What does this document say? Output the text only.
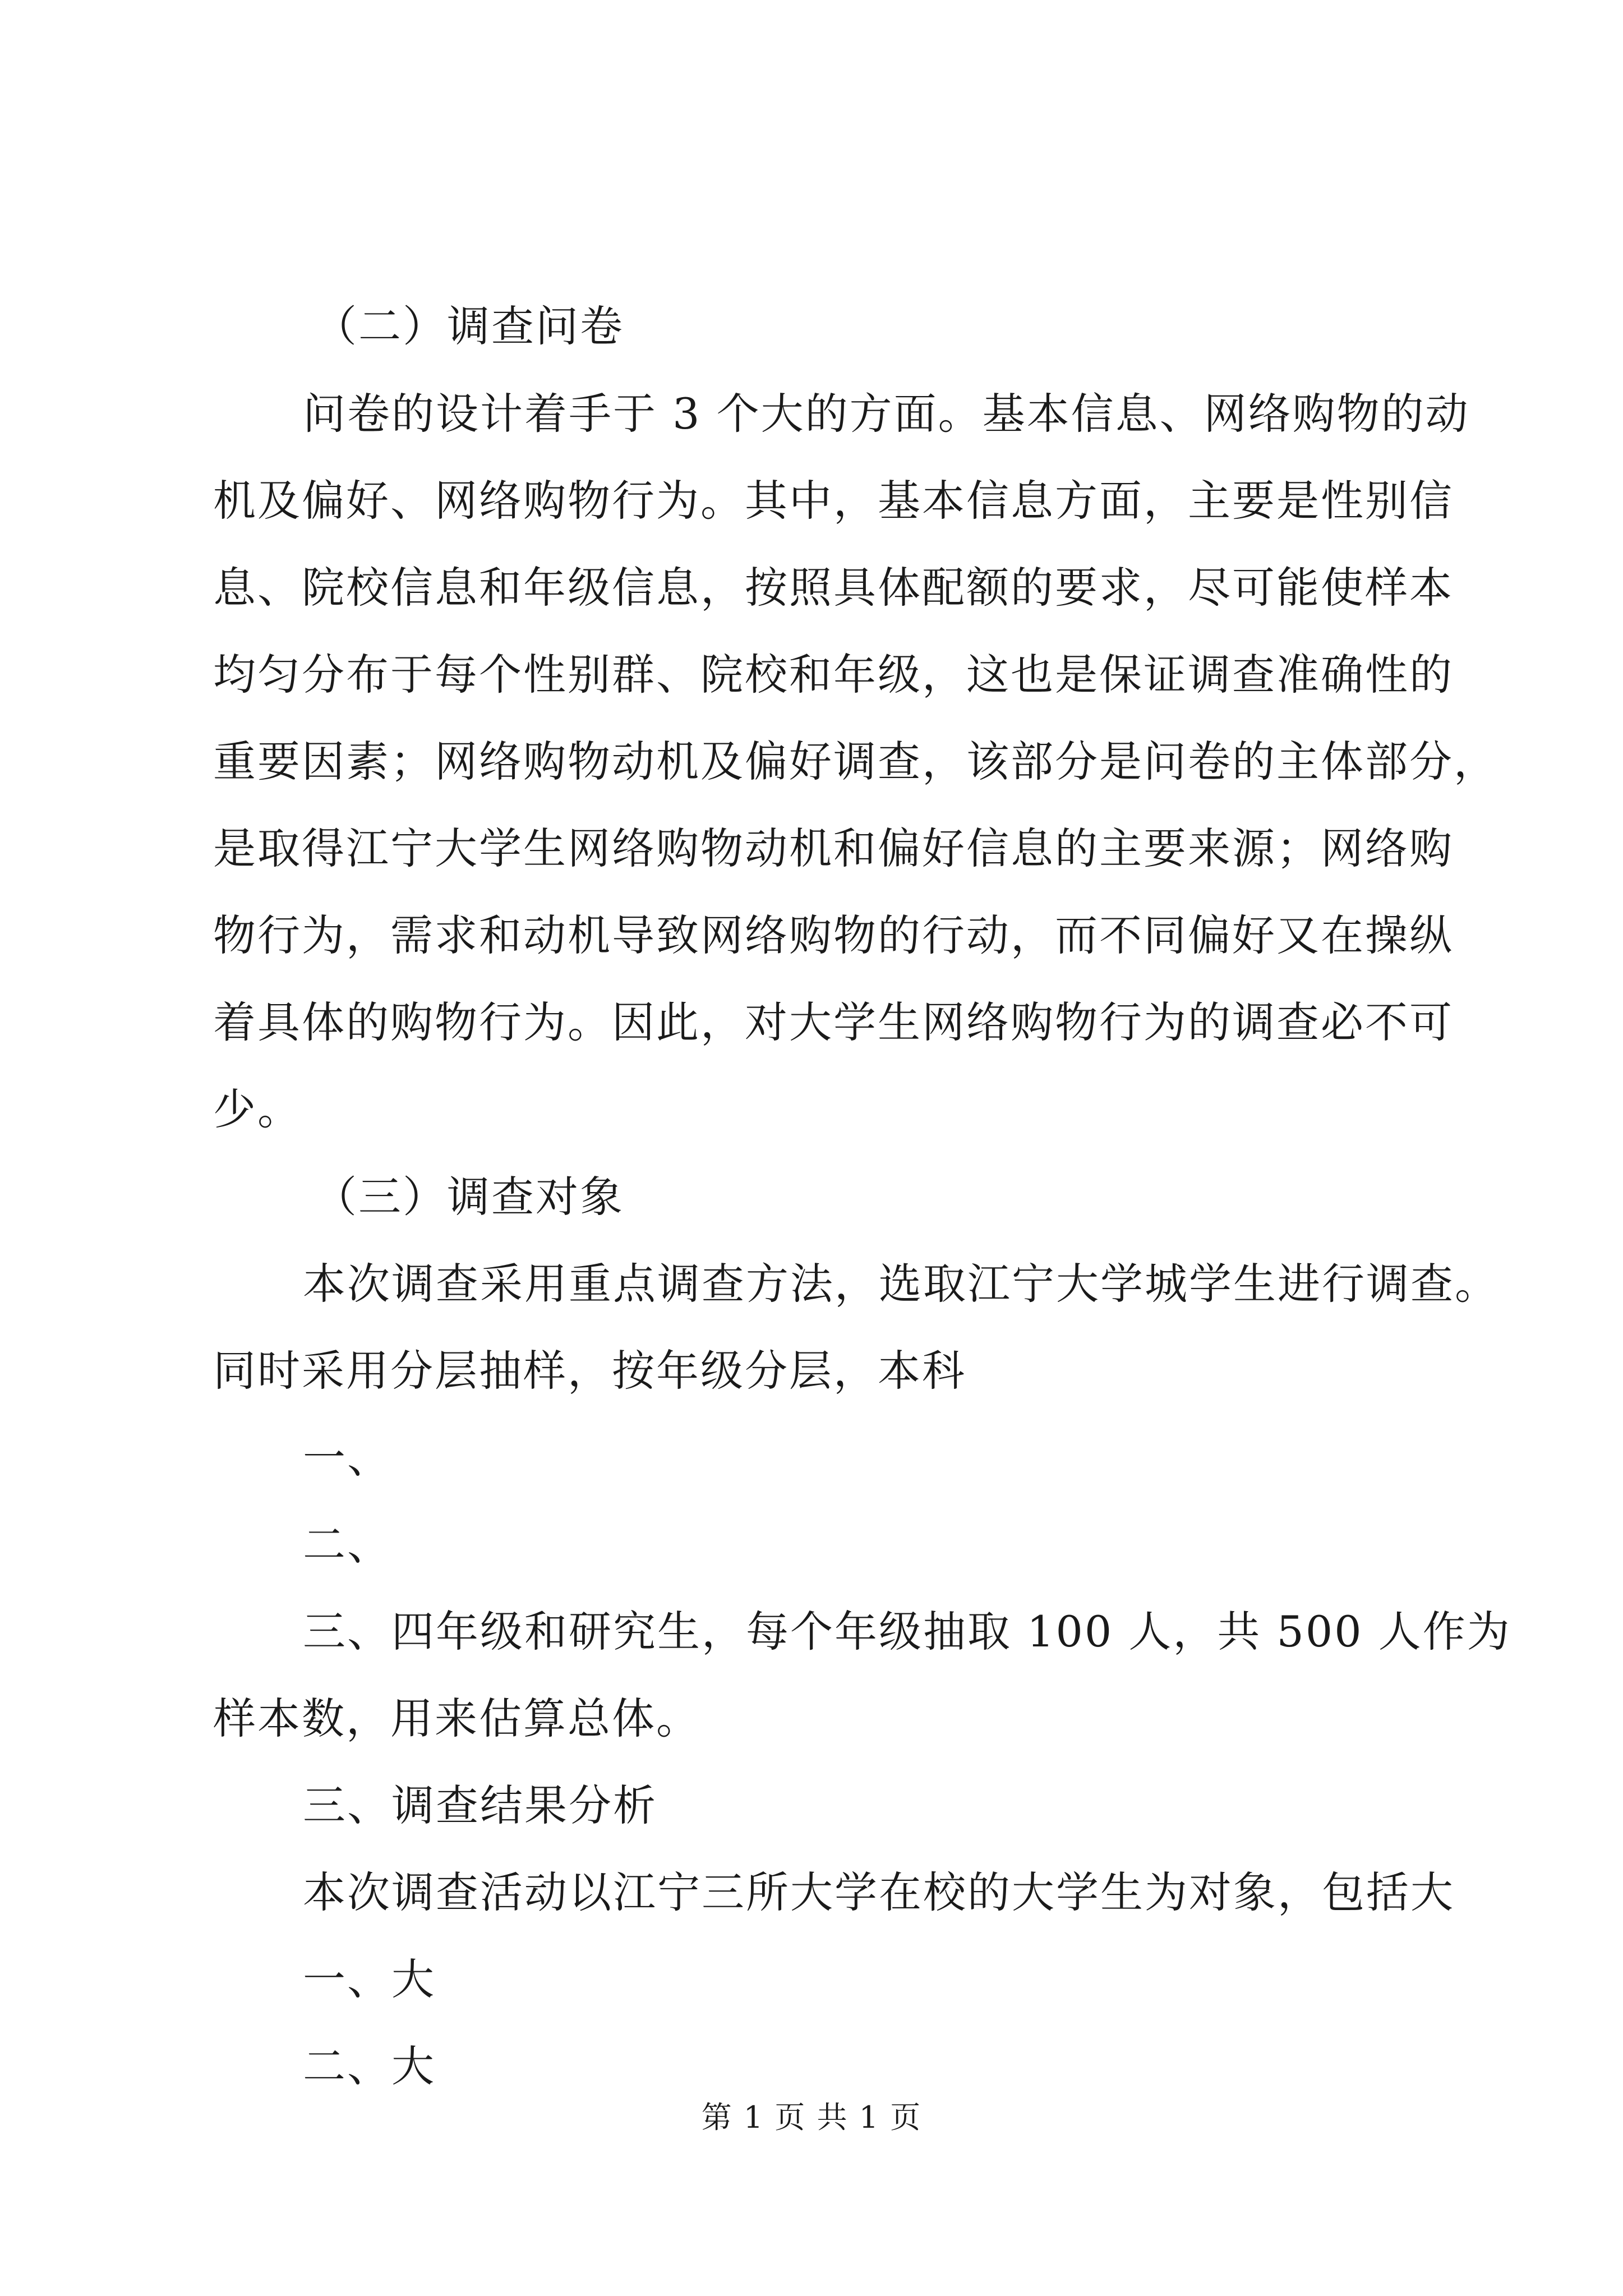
（二）调查问卷
问卷的设计着手于 3 个大的方面。基本信息、网络购物的动
机及偏好、网络购物行为。其中，基本信息方面，主要是性别信
息、院校信息和年级信息，按照具体配额的要求，尽可能使样本
均匀分布于每个性别群、院校和年级，这也是保证调查准确性的
重要因素；网络购物动机及偏好调查，该部分是问卷的主体部分，
是取得江宁大学生网络购物动机和偏好信息的主要来源；网络购
物行为，需求和动机导致网络购物的行动，而不同偏好又在操纵
着具体的购物行为。因此，对大学生网络购物行为的调查必不可
少。
（三）调查对象
本次调查采用重点调查方法，选取江宁大学城学生进行调查。
同时采用分层抽样，按年级分层，本科
一、
二、
三、四年级和研究生，每个年级抽取 100 人，共 500 人作为
样本数，用来估算总体。
三、调查结果分析
本次调查活动以江宁三所大学在校的大学生为对象，包括大
一、大
二、大
第 1 页 共 1 页
